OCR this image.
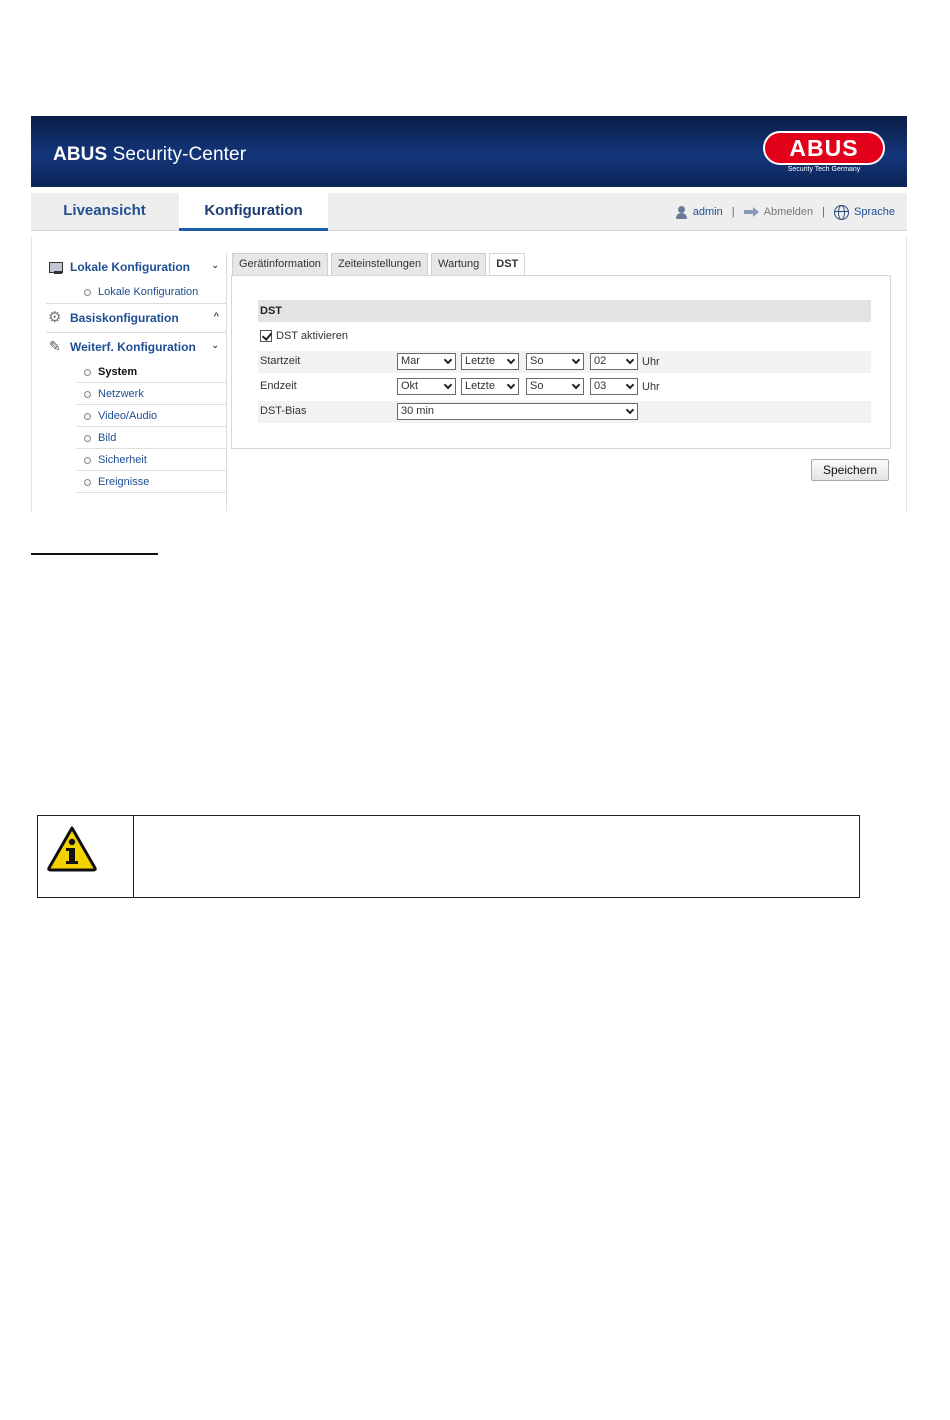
ABUS Security-Center	ABUS
Security Tech Germany
Liveansicht	Konfiguration	admin |	Abmelden |	Sprache
Lokale Konfiguration ⌄
Lokale Konfiguration
⚙
Basiskonfiguration	^
✎
Weiterf. Konfiguration ⌄
System
Netzwerk
Video/Audio
Bild
Sicherheit
Ereignisse
Gerätinformation	Zeiteinstellungen	Wartung	DST
DST
DST aktivieren
Startzeit	Mar	Letzte	So	02	Uhr
Endzeit	Okt	Letzte	So	03	Uhr
DST-Bias	30 min
Speichern
